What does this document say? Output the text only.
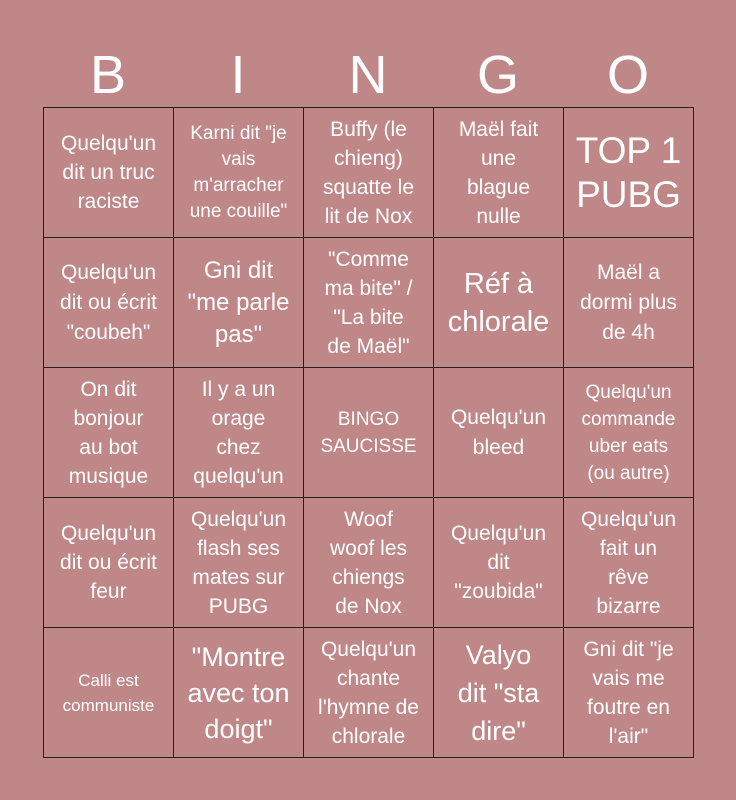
B	I	N	G	O
Quelqu'un
dit un truc
raciste
Karni dit "je
vais
m'arracher
une couille"
Buffy (le
chieng)
squatte le
lit de Nox
Maël fait
une
blague
nulle
TOP 1
PUBG
Quelqu'un
dit ou écrit
"coubeh"
Gni dit
"me parle
pas"
"Comme
ma bite" /
"La bite
de Maël"
Réf à
chlorale
Maël a
dormi plus
de 4h
On dit
bonjour
au bot
musique
Il y a un
orage
chez
quelqu'un
BINGO
SAUCISSE
Quelqu'un
bleed
Quelqu'un
commande
uber eats
(ou autre)
Quelqu'un
dit ou écrit
feur
Quelqu'un
flash ses
mates sur
PUBG
Woof
woof les
chiengs
de Nox
Quelqu'un
dit
"zoubida"
Quelqu'un
fait un
rêve
bizarre
Calli est
communiste
"Montre
avec ton
doigt"
Quelqu'un
chante
l'hymne de
chlorale
Valyo
dit "sta
dire"
Gni dit "je
vais me
foutre en
l'air"
